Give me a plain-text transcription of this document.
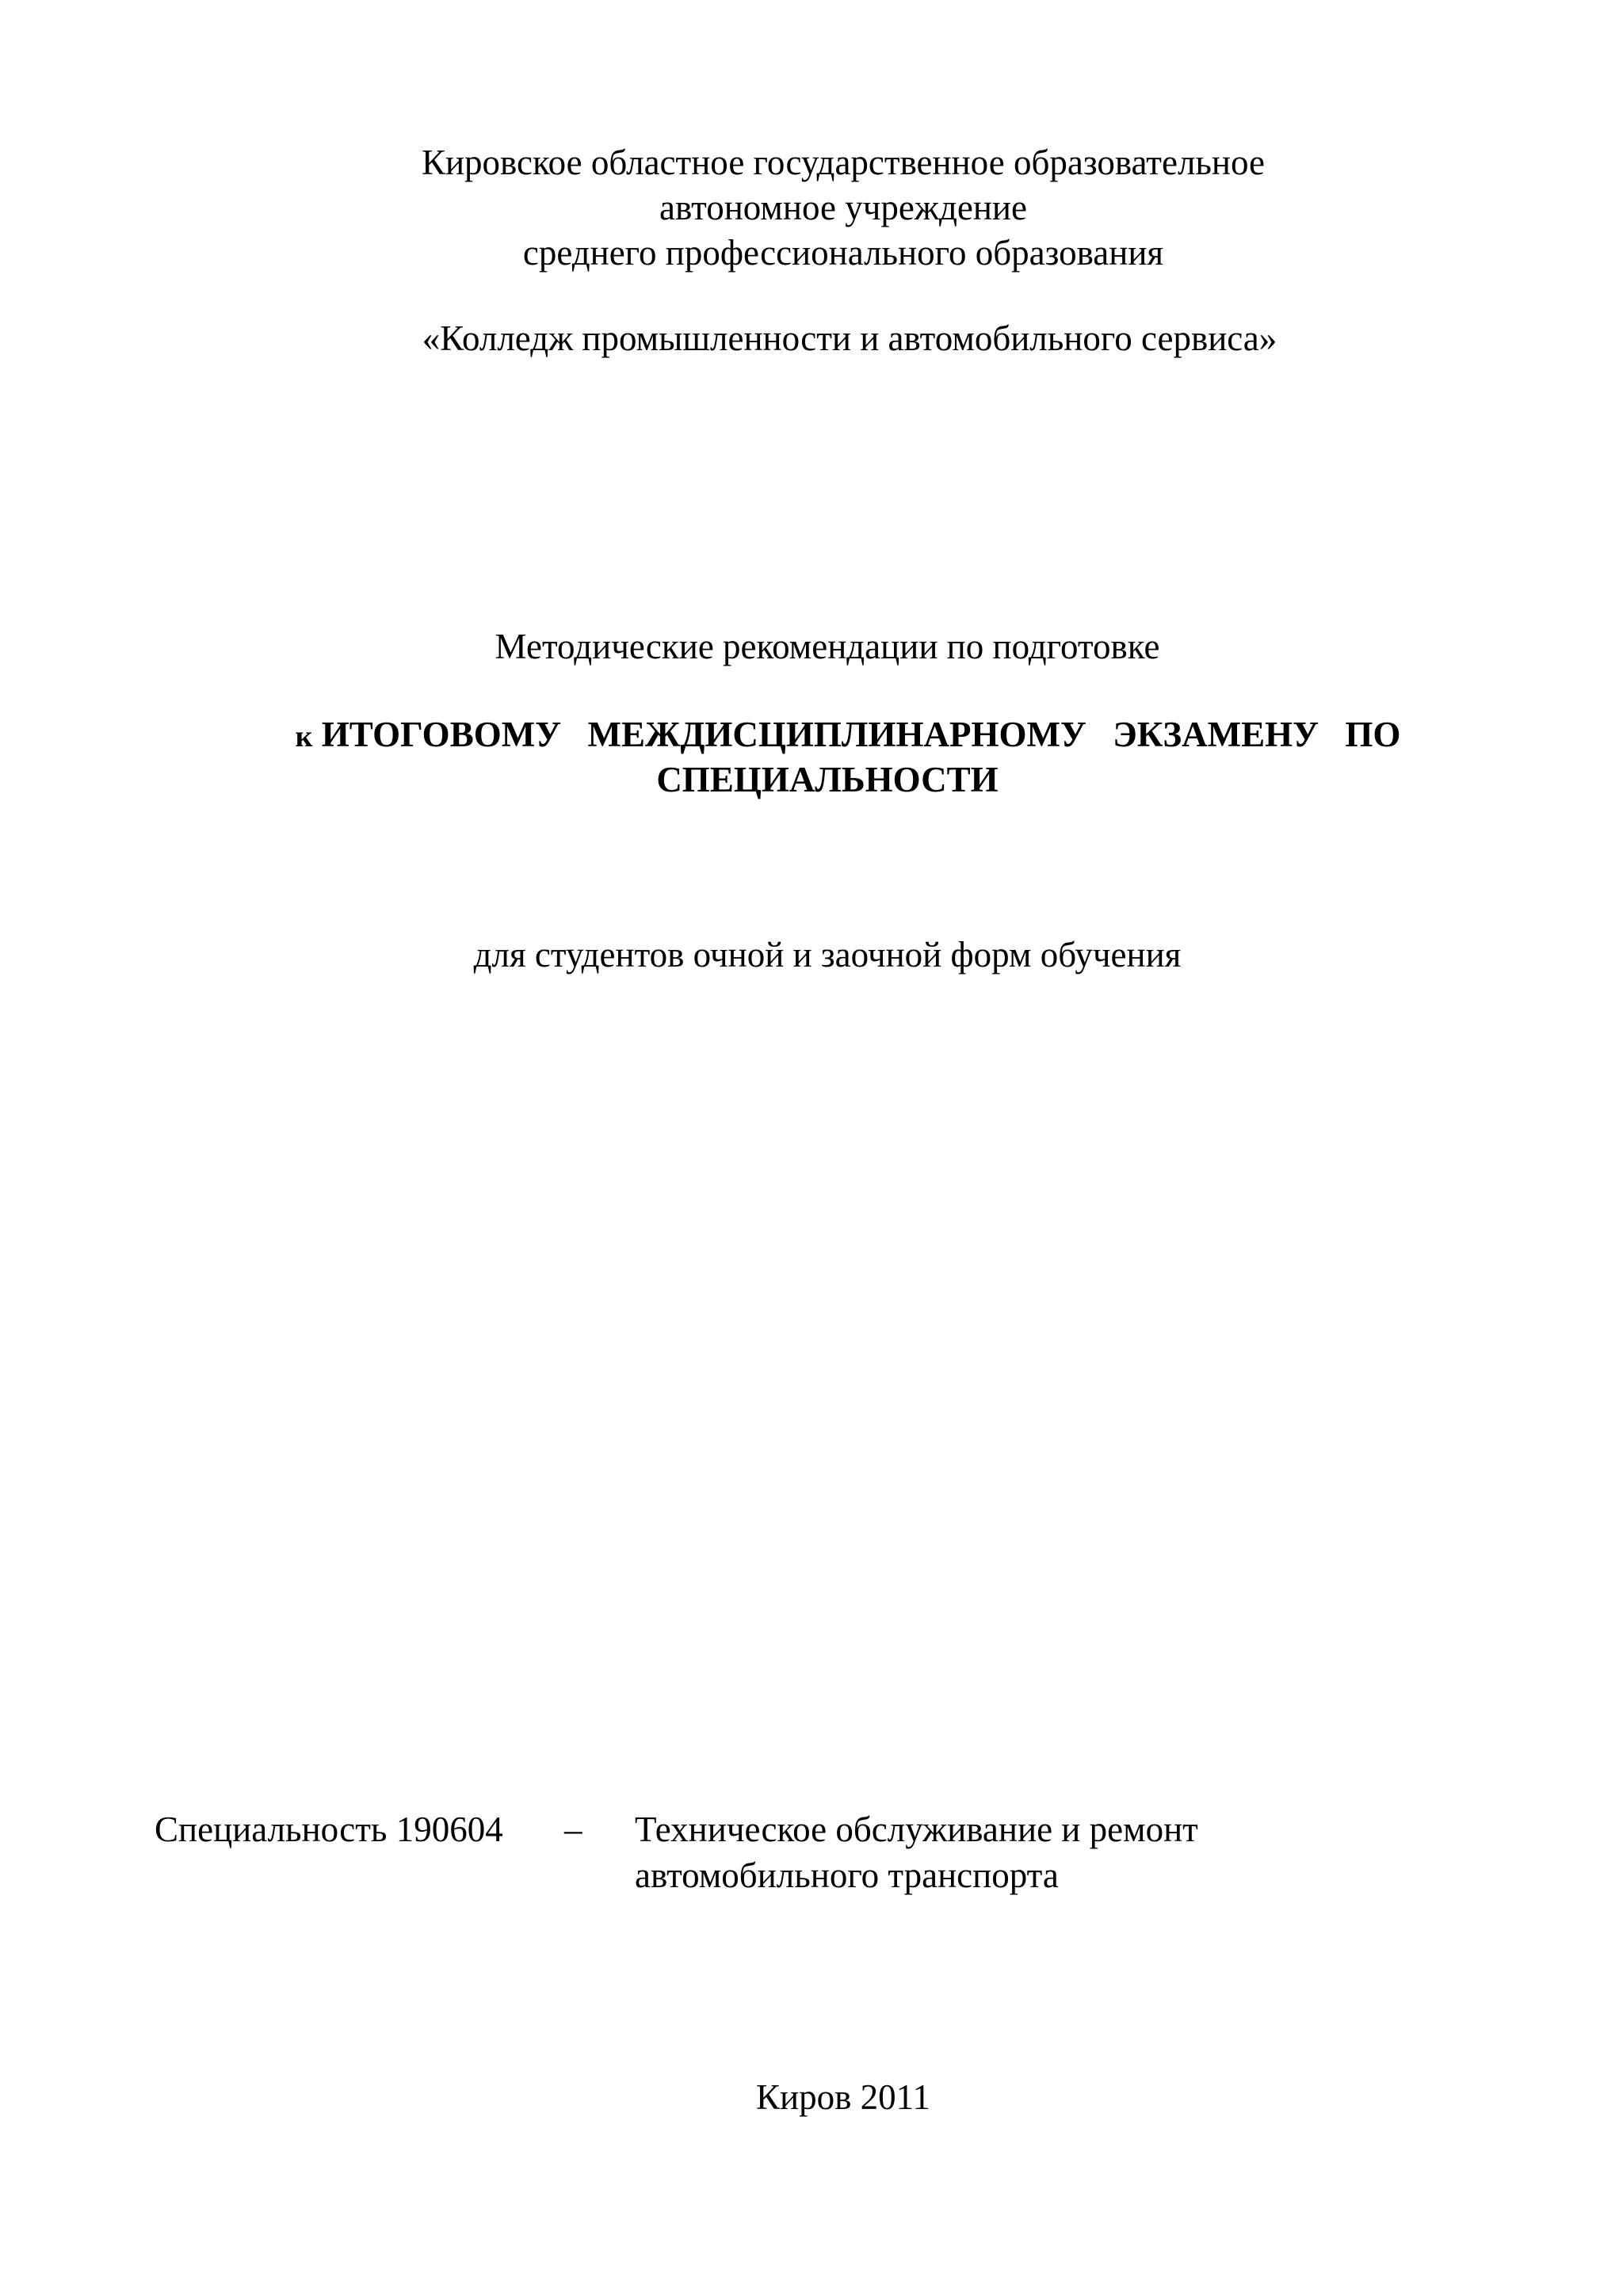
Кировское областное государственное образовательное
автономное учреждение
среднего профессионального образования
«Колледж промышленности и автомобильного сервиса»
Методические рекомендации по подготовке
к ИТОГОВОМУ МЕЖДИСЦИПЛИНАРНОМУ ЭКЗАМЕНУ ПО
СПЕЦИАЛЬНОСТИ
для студентов очной и заочной форм обучения
Специальность 190604 – Техническое обслуживание и ремонт
автомобильного транспорта
Киров 2011
